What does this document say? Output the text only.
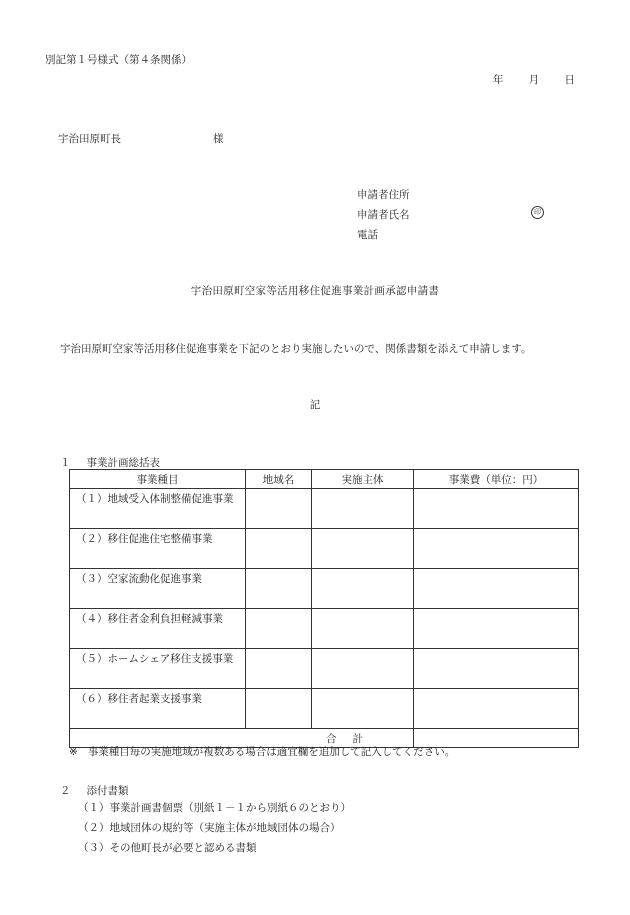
別記第１号様式（第４条関係）
年 月 日
宇治田原町長	様
申請者住所
申請者氏名
電話
印
宇治田原町空家等活用移住促進事業計画承認申請書
宇治田原町空家等活用移住促進事業を下記のとおり実施したいので、関係書類を添えて申請します。
記
１ 事業計画総括表
事業種目	地域名	実施主体	事業費（単位：円）
（１）地域受入体制整備促進事業			
（２）移住促進住宅整備事業			
（３）空家流動化促進事業			
（４）移住者金利負担軽減事業			
（５）ホームシェア移住支援事業			
（６）移住者起業支援事業			
合 計			
※ 事業種目毎の実施地域が複数ある場合は適宜欄を追加して記入してください。
２ 添付書類
（１）事業計画書個票（別紙１－１から別紙６のとおり）
（２）地域団体の規約等（実施主体が地域団体の場合）
（３）その他町長が必要と認める書類
